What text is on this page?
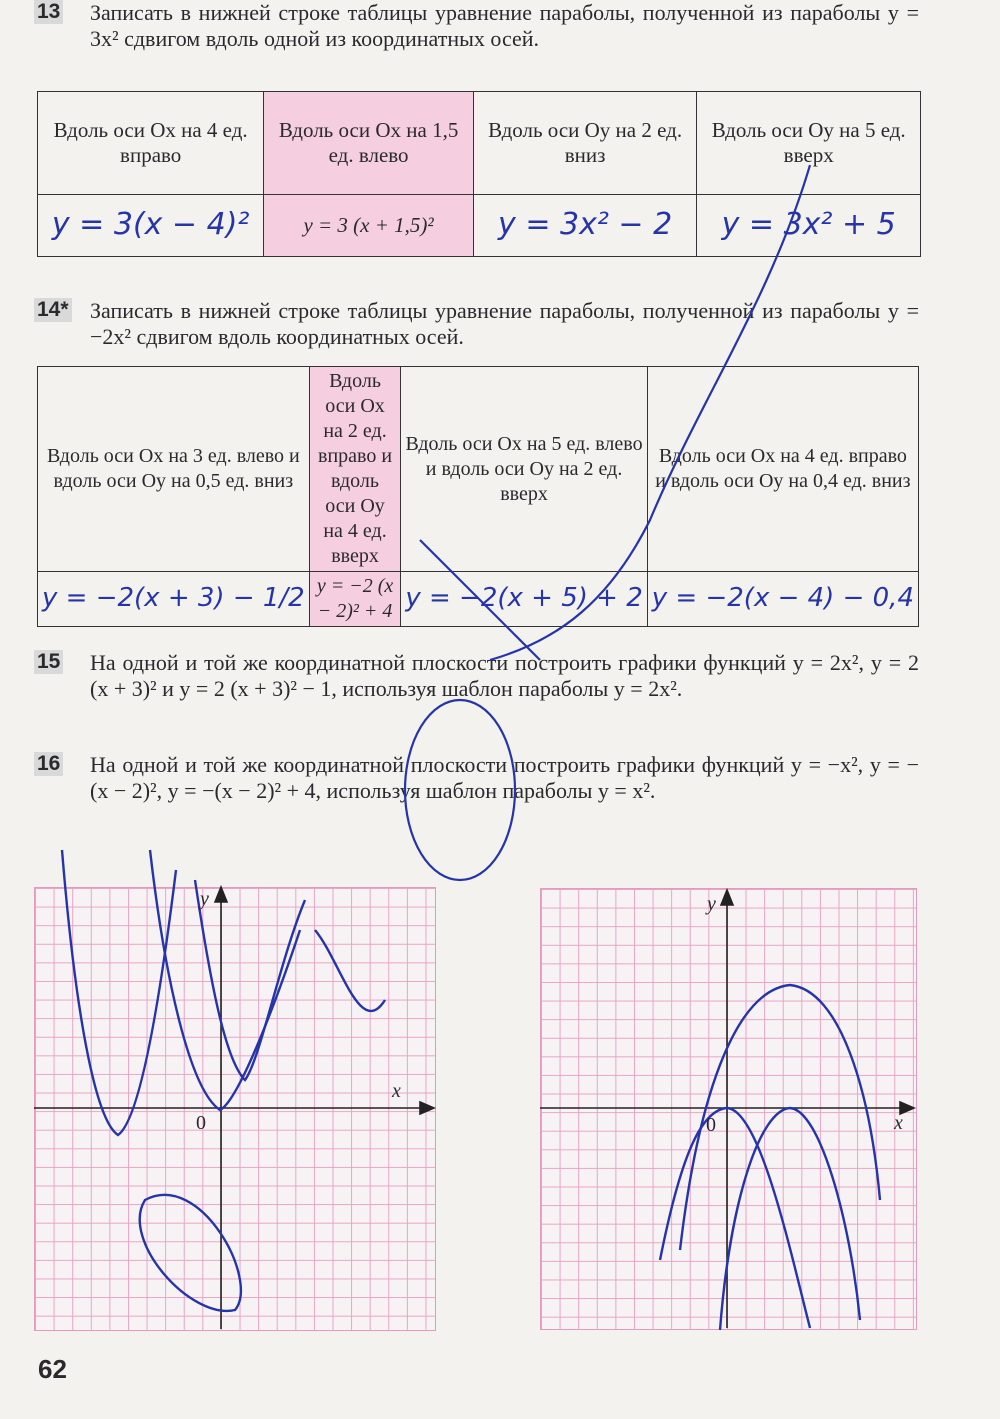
13 Записать в нижней строке таблицы уравнение параболы, полученной из параболы y = 3x² сдвигом вдоль одной из координатных осей.
Вдоль оси Ox на 4 ед. вправо	Вдоль оси Ox на 1,5 ед. влево	Вдоль оси Oy на 2 ед. вниз	Вдоль оси Oy на 5 ед. вверх
y = 3(x − 4)²	y = 3 (x + 1,5)²	y = 3x² − 2	y = 3x² + 5
14* Записать в нижней строке таблицы уравнение параболы, полученной из параболы y = −2x² сдвигом вдоль координатных осей.
Вдоль оси Ox на 3 ед. влево и вдоль оси Oy на 0,5 ед. вниз	Вдоль оси Ox на 2 ед. вправо и вдоль оси Oy на 4 ед. вверх	Вдоль оси Ox на 5 ед. влево и вдоль оси Oy на 2 ед. вверх	Вдоль оси Ox на 4 ед. вправо и вдоль оси Oy на 0,4 ед. вниз
y = −2(x + 3) − 1/2	y = −2 (x − 2)² + 4	y = −2(x + 5) + 2	y = −2(x − 4) − 0,4
15 На одной и той же координатной плоскости построить графики функций y = 2x², y = 2 (x + 3)² и y = 2 (x + 3)² − 1, используя шаблон параболы y = 2x².
16 На одной и той же координатной плоскости построить графики функций y = −x², y = −(x − 2)², y = −(x − 2)² + 4, используя шаблон параболы y = x².
y
x
0
y
x
0
62
